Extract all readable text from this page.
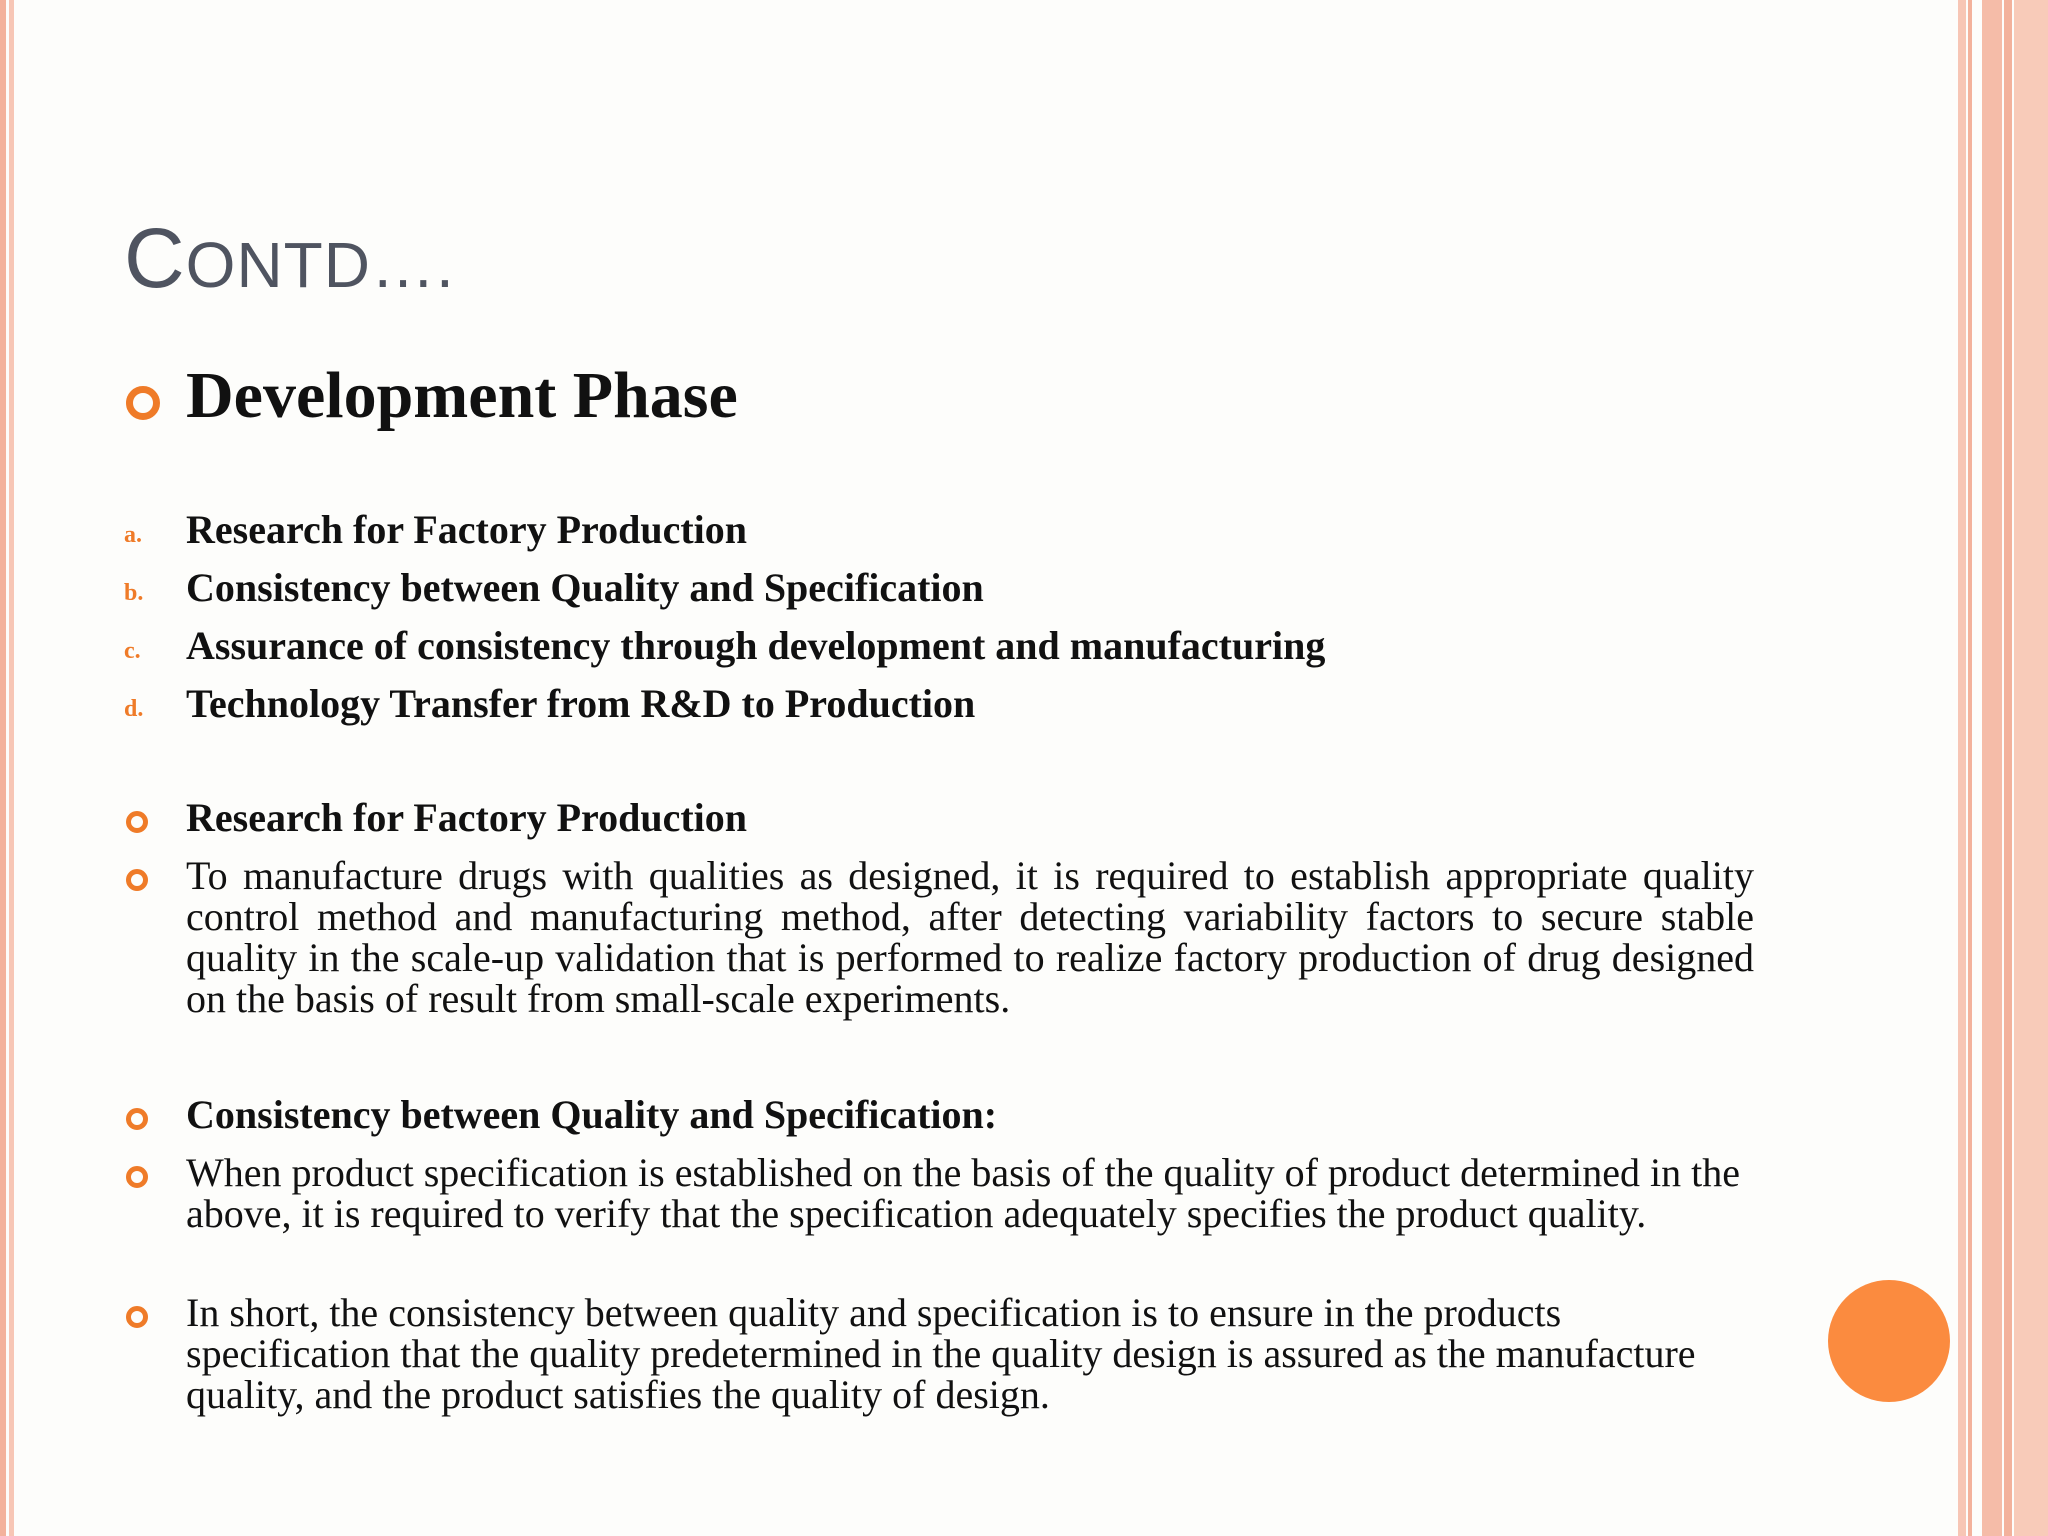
CONTD….
Development Phase
a. Research for Factory Production
b. Consistency between Quality and Specification
c. Assurance of consistency through development and manufacturing
d. Technology Transfer from R&D to Production
Research for Factory Production
To manufacture drugs with qualities as designed, it is required to establish appropriate quality control method and manufacturing method, after detecting variability factors to secure stable quality in the scale-up validation that is performed to realize factory production of drug designed on the basis of result from small-scale experiments.
Consistency between Quality and Specification:
When product specification is established on the basis of the quality of product determined in the above, it is required to verify that the specification adequately specifies the product quality.
In short, the consistency between quality and specification is to ensure in the products specification that the quality predetermined in the quality design is assured as the manufacture quality, and the product satisfies the quality of design.
